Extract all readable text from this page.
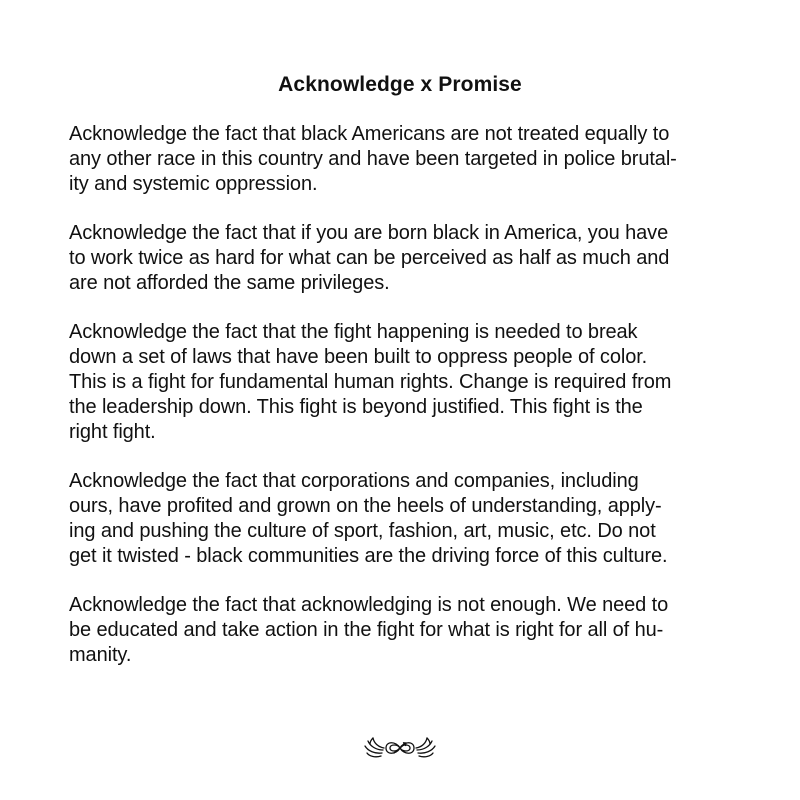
Acknowledge x Promise

Acknowledge the fact that black Americans are not treated equally to
any other race in this country and have been targeted in police brutal-
ity and systemic oppression.

Acknowledge the fact that if you are born black in America, you have
to work twice as hard for what can be perceived as half as much and
are not afforded the same privileges.

Acknowledge the fact that the fight happening is needed to break
down a set of laws that have been built to oppress people of color.
This is a fight for fundamental human rights. Change is required from
the leadership down. This fight is beyond justified. This fight is the
right fight.

Acknowledge the fact that corporations and companies, including
ours, have profited and grown on the heels of understanding, apply-
ing and pushing the culture of sport, fashion, art, music, etc. Do not
get it twisted - black communities are the driving force of this culture.

Acknowledge the fact that acknowledging is not enough. We need to
be educated and take action in the fight for what is right for all of hu-
manity.
